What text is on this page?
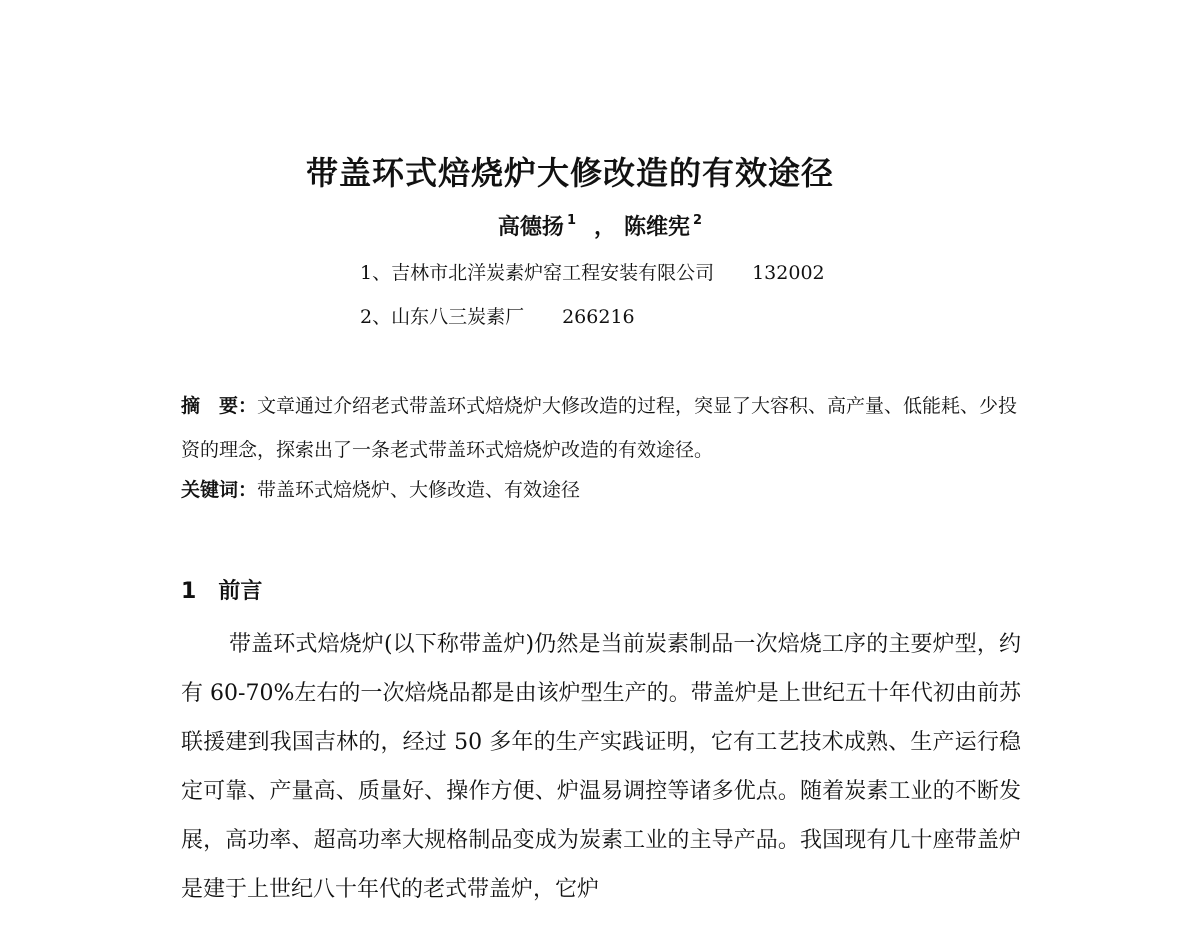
带盖环式焙烧炉大修改造的有效途径
高德扬 $^1$ ， 陈维宪 $^2$
1、吉林市北洋炭素炉窑工程安装有限公司 132002
2、山东八三炭素厂 266216
摘　要：文章通过介绍老式带盖环式焙烧炉大修改造的过程，突显了大容积、高产量、低能耗、少投资的理念，探索出了一条老式带盖环式焙烧炉改造的有效途径。
关键词：带盖环式焙烧炉、大修改造、有效途径
1 前言
带盖环式焙烧炉(以下称带盖炉)仍然是当前炭素制品一次焙烧工序的主要炉型，约有 60-70%左右的一次焙烧品都是由该炉型生产的。带盖炉是上世纪五十年代初由前苏联援建到我国吉林的，经过 50 多年的生产实践证明，它有工艺技术成熟、生产运行稳定可靠、产量高、质量好、操作方便、炉温易调控等诸多优点。随着炭素工业的不断发展，高功率、超高功率大规格制品变成为炭素工业的主导产品。我国现有几十座带盖炉是建于上世纪八十年代的老式带盖炉，它炉
